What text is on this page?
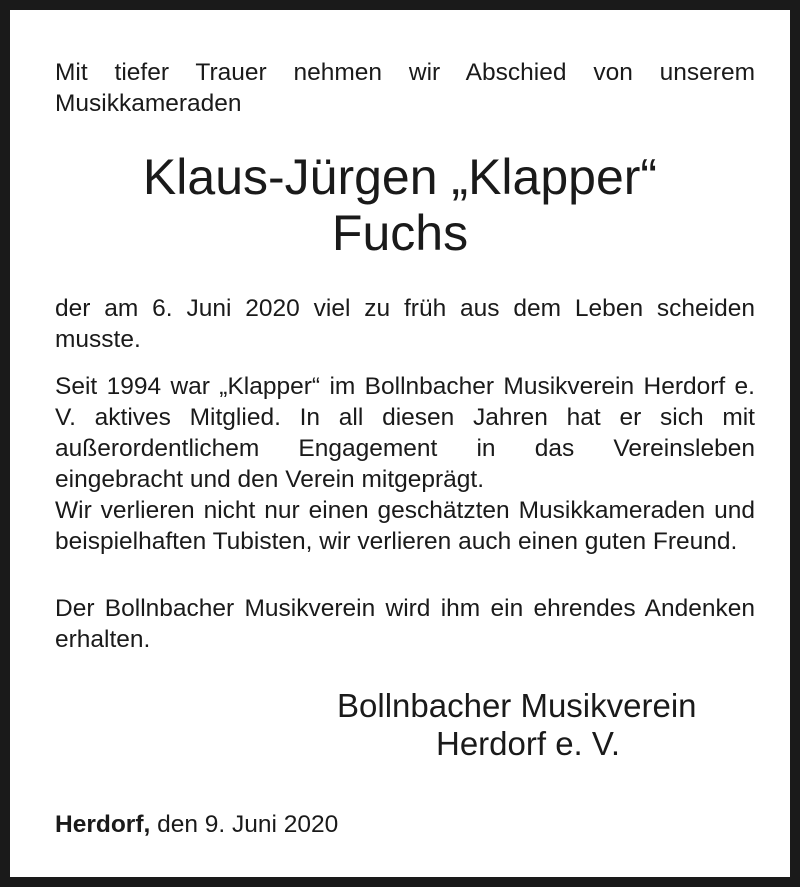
Mit tiefer Trauer nehmen wir Abschied von unserem Musikkameraden

Klaus-Jürgen „Klapper“
Fuchs

der am 6. Juni 2020 viel zu früh aus dem Leben scheiden musste.

Seit 1994 war „Klapper“ im Bollnbacher Musikverein Herdorf e. V. aktives Mitglied. In all diesen Jahren hat er sich mit außerordentlichem Engagement in das Vereinsleben eingebracht und den Verein mitgeprägt.

Wir verlieren nicht nur einen geschätzten Musikkameraden und beispielhaften Tubisten, wir verlieren auch einen guten Freund.

Der Bollnbacher Musikverein wird ihm ein ehrendes Andenken erhalten.

Bollnbacher Musikverein
Herdorf e. V.
Herdorf, den 9. Juni 2020
